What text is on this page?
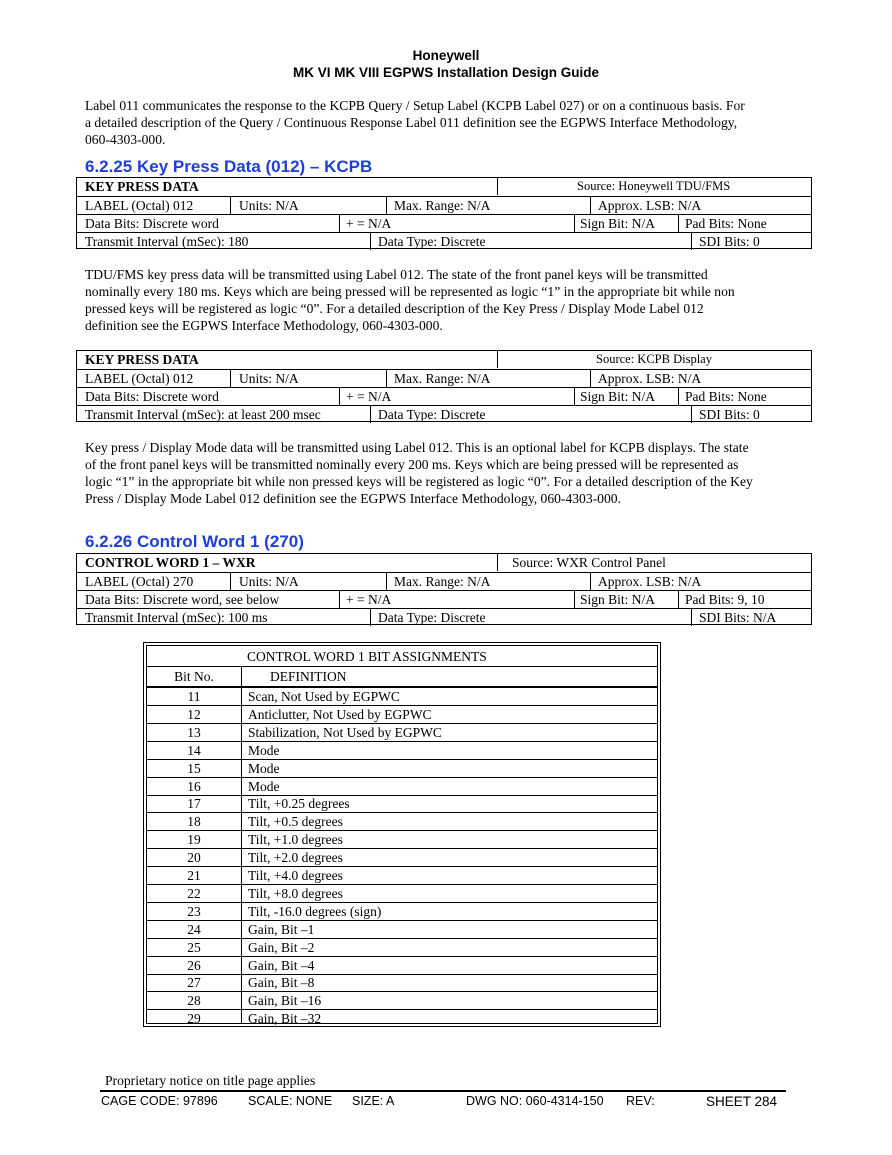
Honeywell
MK VI MK VIII EGPWS Installation Design Guide
Label 011 communicates the response to the KCPB Query / Setup Label (KCPB Label 027) or on a continuous basis. For
a detailed description of the Query / Continuous Response Label 011 definition see the EGPWS Interface Methodology,
060-4303-000.
6.2.25 Key Press Data (012) – KCPB
KEY PRESS DATA	Source: Honeywell TDU/FMS
LABEL (Octal) 012	Units: N/A	Max. Range: N/A	Approx. LSB: N/A
Data Bits: Discrete word	+ = N/A	Sign Bit: N/A Pad Bits: None
Transmit Interval (mSec): 180	Data Type: Discrete	SDI Bits: 0
TDU/FMS key press data will be transmitted using Label 012. The state of the front panel keys will be transmitted
nominally every 180 ms. Keys which are being pressed will be represented as logic “1” in the appropriate bit while non
pressed keys will be registered as logic “0”. For a detailed description of the Key Press / Display Mode Label 012
definition see the EGPWS Interface Methodology, 060-4303-000.
KEY PRESS DATA	Source: KCPB Display
LABEL (Octal) 012	Units: N/A	Max. Range: N/A	Approx. LSB: N/A
Data Bits: Discrete word	+ = N/A	Sign Bit: N/A Pad Bits: None
Transmit Interval (mSec): at least 200 msec	Data Type: Discrete	SDI Bits: 0
Key press / Display Mode data will be transmitted using Label 012. This is an optional label for KCPB displays. The state
of the front panel keys will be transmitted nominally every 200 ms. Keys which are being pressed will be represented as
logic “1” in the appropriate bit while non pressed keys will be registered as logic “0”. For a detailed description of the Key
Press / Display Mode Label 012 definition see the EGPWS Interface Methodology, 060-4303-000.
6.2.26 Control Word 1 (270)
CONTROL WORD 1 – WXR	Source: WXR Control Panel
LABEL (Octal) 270	Units: N/A	Max. Range: N/A	Approx. LSB: N/A
Data Bits: Discrete word, see below	+ = N/A	Sign Bit: N/A Pad Bits: 9, 10
Transmit Interval (mSec): 100 ms	Data Type: Discrete	SDI Bits: N/A
CONTROL WORD 1 BIT ASSIGNMENTS
Bit No.	DEFINITION
11	Scan, Not Used by EGPWC
12	Anticlutter, Not Used by EGPWC
13	Stabilization, Not Used by EGPWC
14	Mode
15	Mode
16	Mode
17	Tilt, +0.25 degrees
18	Tilt, +0.5 degrees
19	Tilt, +1.0 degrees
20	Tilt, +2.0 degrees
21	Tilt, +4.0 degrees
22	Tilt, +8.0 degrees
23	Tilt, -16.0 degrees (sign)
24	Gain, Bit –1
25	Gain, Bit –2
26	Gain, Bit –4
27	Gain, Bit –8
28	Gain, Bit –16
29	Gain, Bit –32
Proprietary notice on title page applies
CAGE CODE: 97896 SCALE: NONE SIZE: A	DWG NO: 060-4314-150 REV:	SHEET 284
